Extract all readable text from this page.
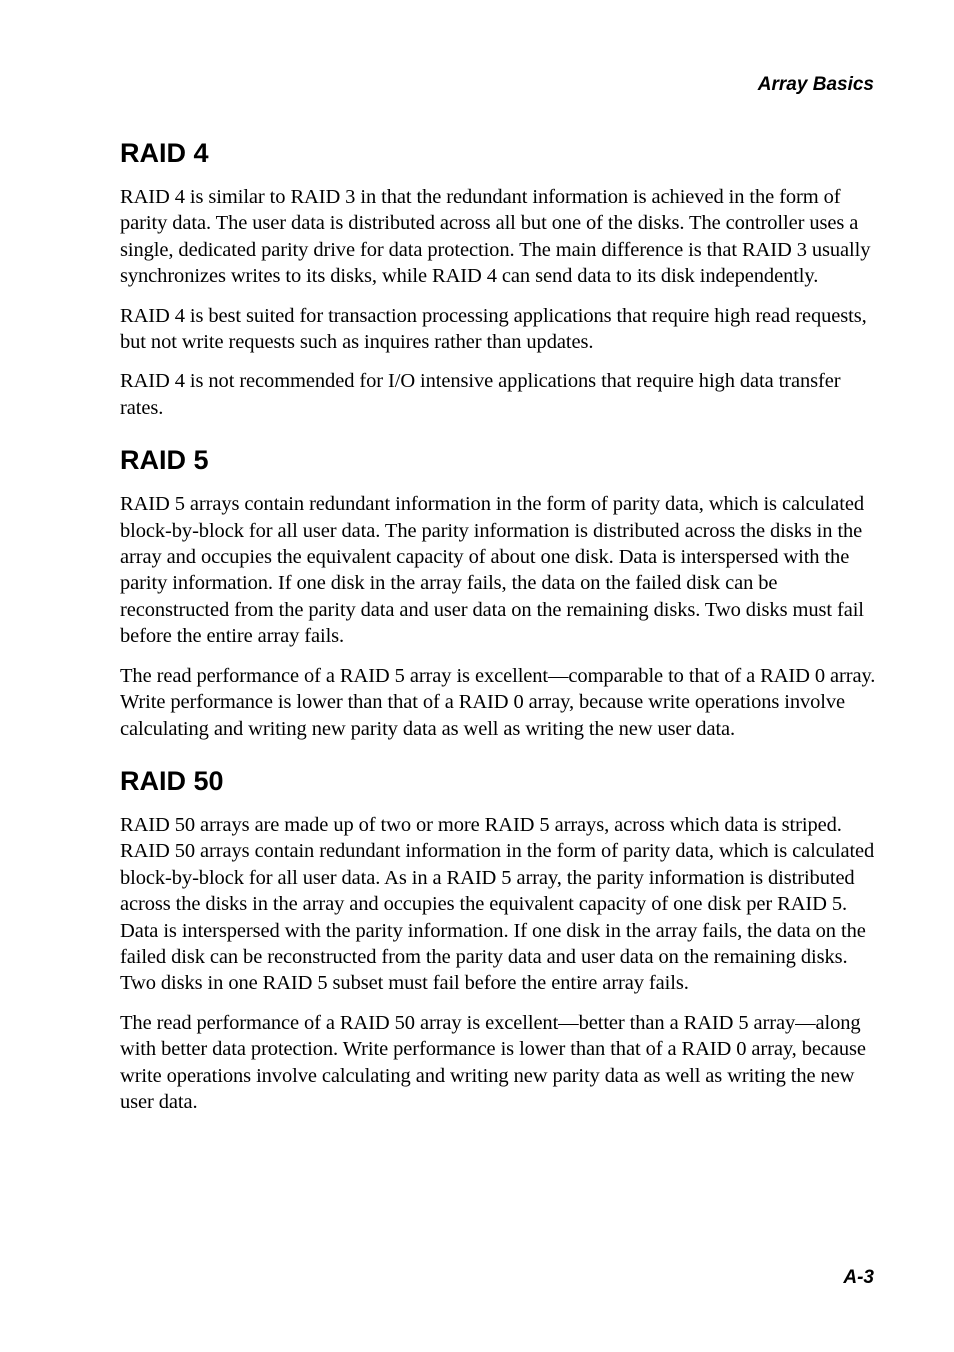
Array Basics
RAID 4

RAID 4 is similar to RAID 3 in that the redundant information is achieved in the form of parity data. The user data is distributed across all but one of the disks. The controller uses a single, dedicated parity drive for data protection. The main difference is that RAID 3 usually synchronizes writes to its disks, while RAID 4 can send data to its disk independently.

RAID 4 is best suited for transaction processing applications that require high read requests, but not write requests such as inquires rather than updates.

RAID 4 is not recommended for I/O intensive applications that require high data transfer rates.

RAID 5

RAID 5 arrays contain redundant information in the form of parity data, which is calculated block-by-block for all user data. The parity information is distributed across the disks in the array and occupies the equivalent capacity of about one disk. Data is interspersed with the parity information. If one disk in the array fails, the data on the failed disk can be reconstructed from the parity data and user data on the remaining disks. Two disks must fail before the entire array fails.

The read performance of a RAID 5 array is excellent—comparable to that of a RAID 0 array. Write performance is lower than that of a RAID 0 array, because write operations involve calculating and writing new parity data as well as writing the new user data.

RAID 50

RAID 50 arrays are made up of two or more RAID 5 arrays, across which data is striped. RAID 50 arrays contain redundant information in the form of parity data, which is calculated block-by-block for all user data. As in a RAID 5 array, the parity information is distributed across the disks in the array and occupies the equivalent capacity of one disk per RAID 5. Data is interspersed with the parity information. If one disk in the array fails, the data on the failed disk can be reconstructed from the parity data and user data on the remaining disks. Two disks in one RAID 5 subset must fail before the entire array fails.

The read performance of a RAID 50 array is excellent—better than a RAID 5 array—along with better data protection. Write performance is lower than that of a RAID 0 array, because write operations involve calculating and writing new parity data as well as writing the new user data.

A-3
